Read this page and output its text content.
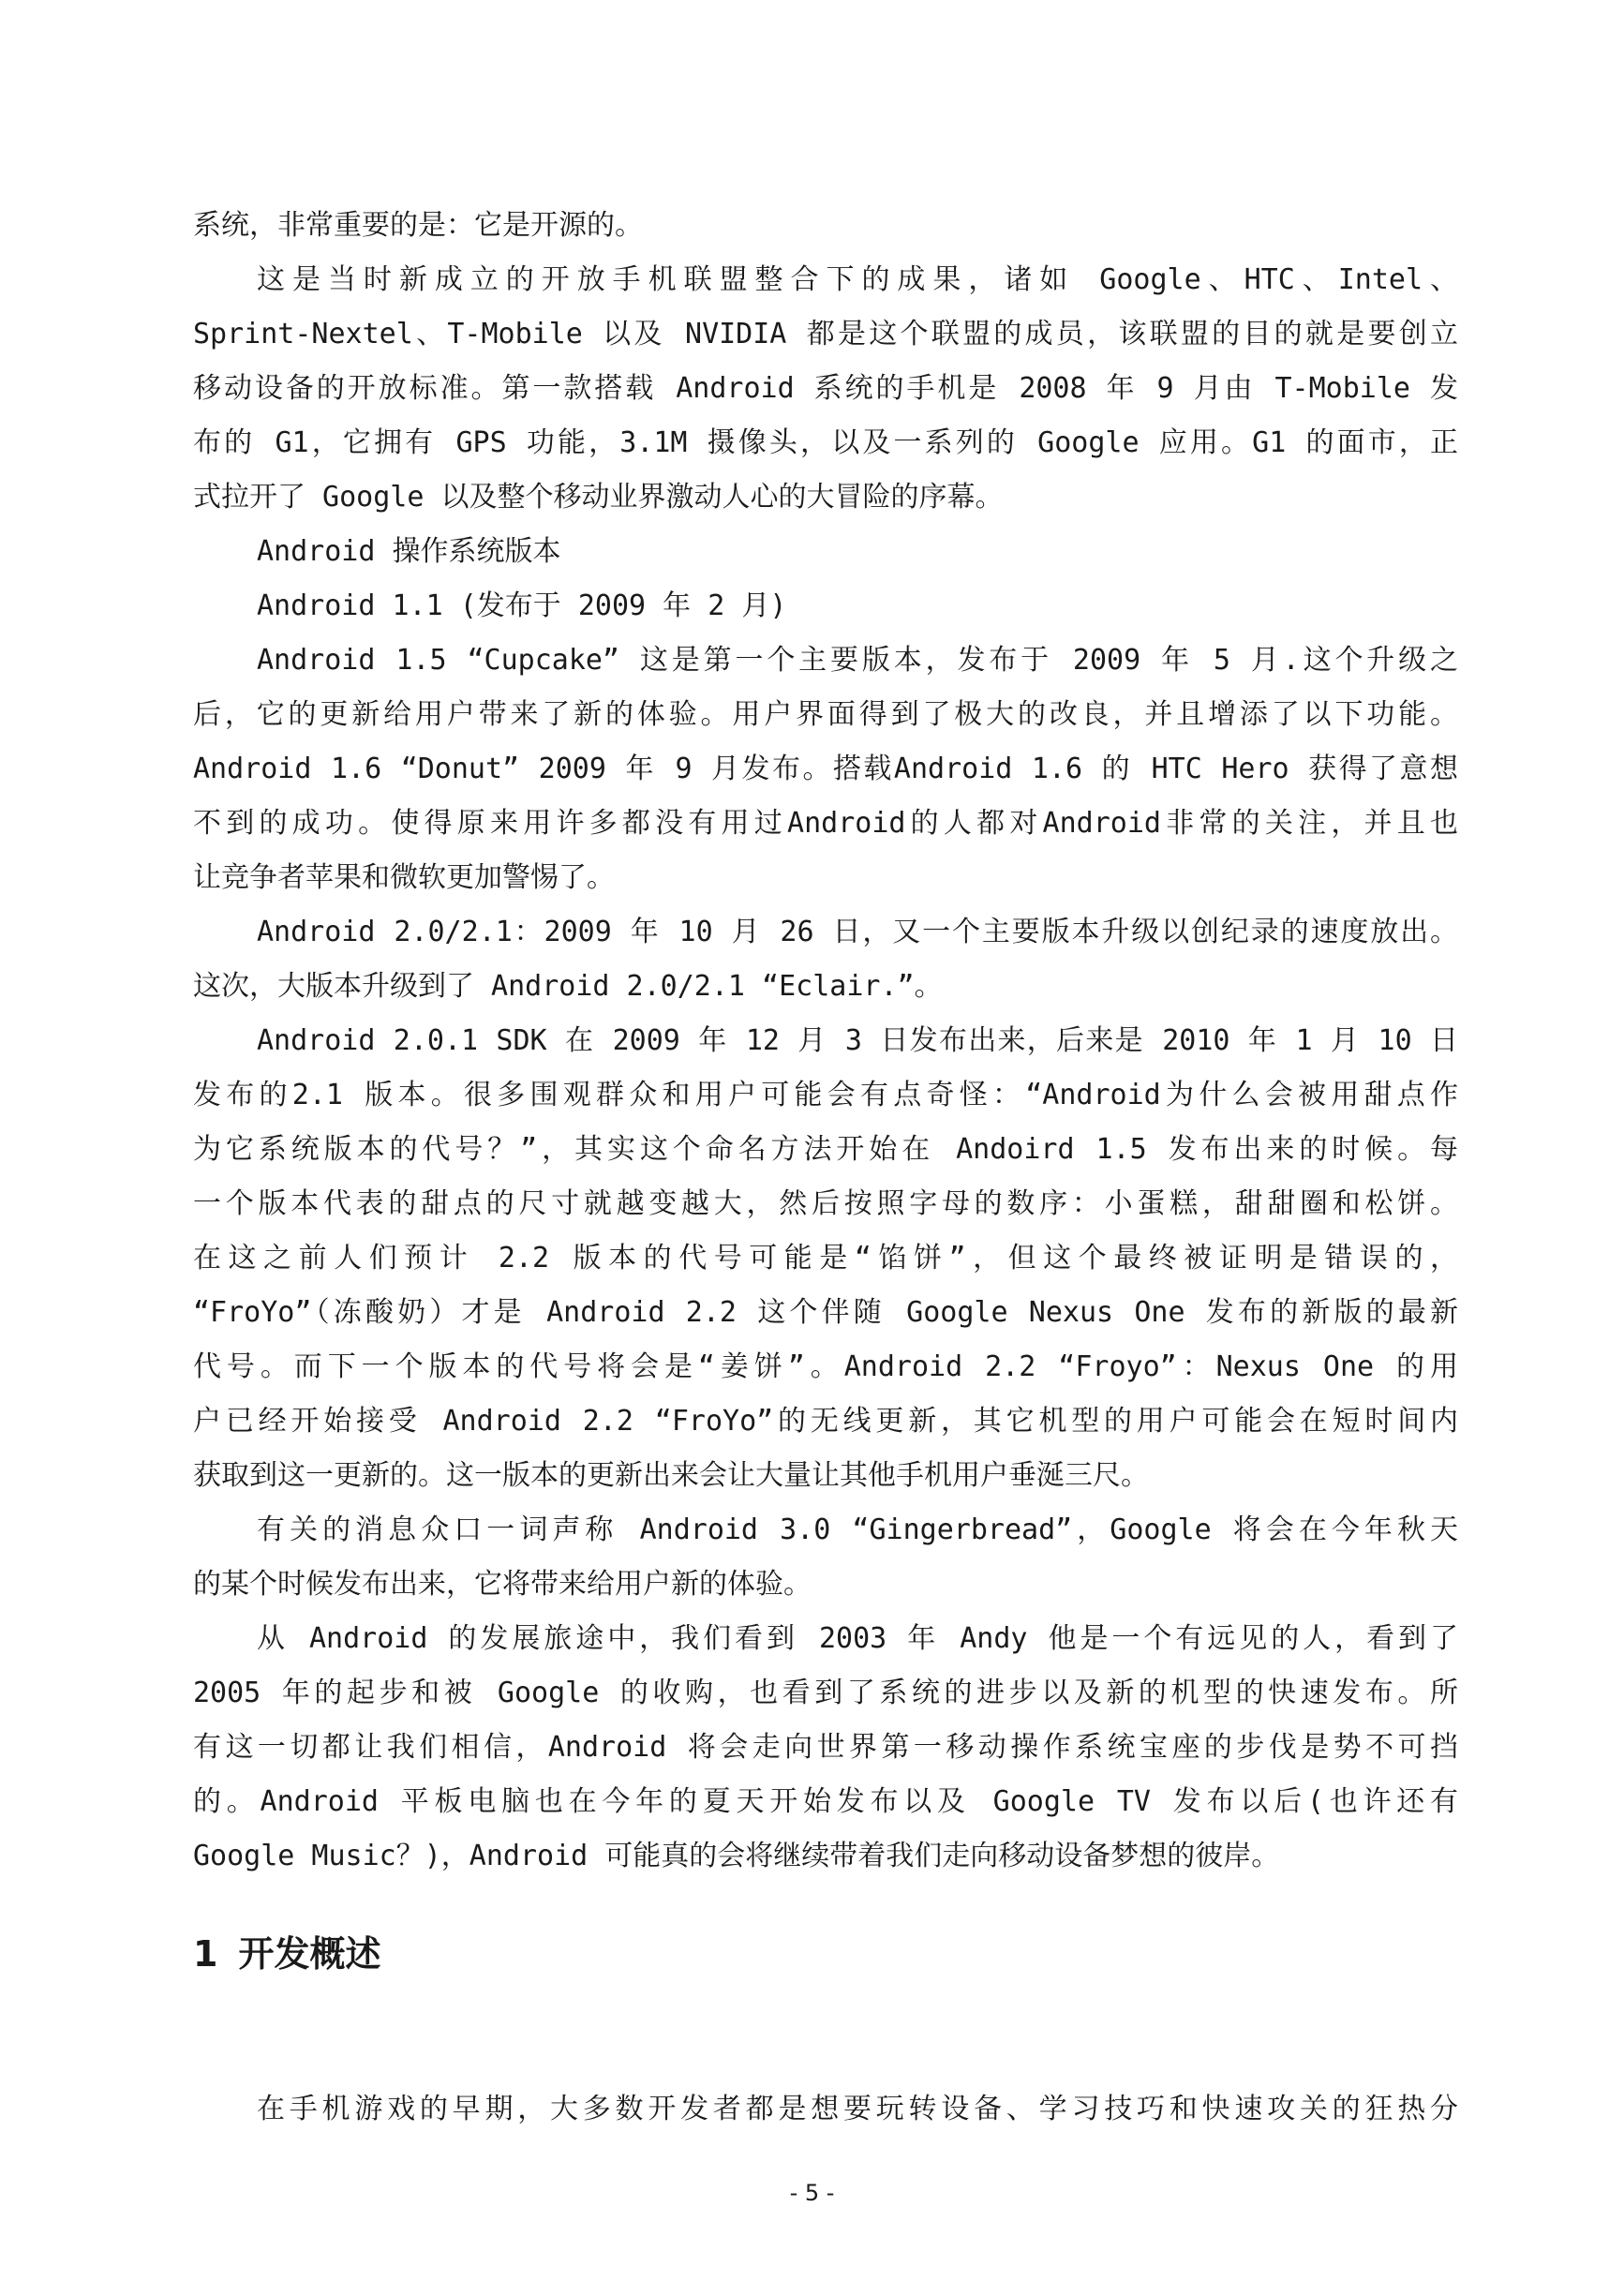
系统，非常重要的是：它是开源的。
这是当时新成立的开放手机联盟整合下的成果，诸如 Google、HTC、Intel、
Sprint-Nextel、T-Mobile 以及 NVIDIA 都是这个联盟的成员，该联盟的目的就是要创立
移动设备的开放标准。第一款搭载 Android 系统的手机是 2008 年 9 月由 T-Mobile 发
布的 G1，它拥有 GPS 功能，3.1M 摄像头，以及一系列的 Google 应用。G1 的面市，正
式拉开了 Google 以及整个移动业界激动人心的大冒险的序幕。
Android 操作系统版本
Android 1.1 (发布于 2009 年 2 月)
Android 1.5 “Cupcake” 这是第一个主要版本，发布于 2009 年 5 月.这个升级之
后，它的更新给用户带来了新的体验。用户界面得到了极大的改良，并且增添了以下功能。
Android 1.6 “Donut” 2009 年 9 月发布。搭载Android 1.6 的 HTC Hero 获得了意想
不到的成功。使得原来用许多都没有用过Android的人都对Android非常的关注，并且也
让竞争者苹果和微软更加警惕了。
Android 2.0/2.1：2009 年 10 月 26 日，又一个主要版本升级以创纪录的速度放出。
这次，大版本升级到了 Android 2.0/2.1 “Eclair.”。
Android 2.0.1 SDK 在 2009 年 12 月 3 日发布出来，后来是 2010 年 1 月 10 日
发布的2.1 版本。很多围观群众和用户可能会有点奇怪：“Android为什么会被用甜点作
为它系统版本的代号？”，其实这个命名方法开始在 Andoird 1.5 发布出来的时候。每
一个版本代表的甜点的尺寸就越变越大，然后按照字母的数序：小蛋糕，甜甜圈和松饼。
在这之前人们预计 2.2 版本的代号可能是“馅饼”，但这个最终被证明是错误的，
“FroYo”（冻酸奶）才是 Android 2.2 这个伴随 Google Nexus One 发布的新版的最新
代号。而下一个版本的代号将会是“姜饼”。Android 2.2 “Froyo”：Nexus One 的用
户已经开始接受 Android 2.2 “FroYo”的无线更新，其它机型的用户可能会在短时间内
获取到这一更新的。这一版本的更新出来会让大量让其他手机用户垂涎三尺。
有关的消息众口一词声称 Android 3.0 “Gingerbread”，Google 将会在今年秋天
的某个时候发布出来，它将带来给用户新的体验。
从 Android 的发展旅途中，我们看到 2003 年 Andy 他是一个有远见的人，看到了
2005 年的起步和被 Google 的收购，也看到了系统的进步以及新的机型的快速发布。所
有这一切都让我们相信，Android 将会走向世界第一移动操作系统宝座的步伐是势不可挡
的。Android 平板电脑也在今年的夏天开始发布以及 Google TV 发布以后(也许还有
Google Music？)，Android 可能真的会将继续带着我们走向移动设备梦想的彼岸。
1 开发概述
在手机游戏的早期，大多数开发者都是想要玩转设备、学习技巧和快速攻关的狂热分
- 5 -
